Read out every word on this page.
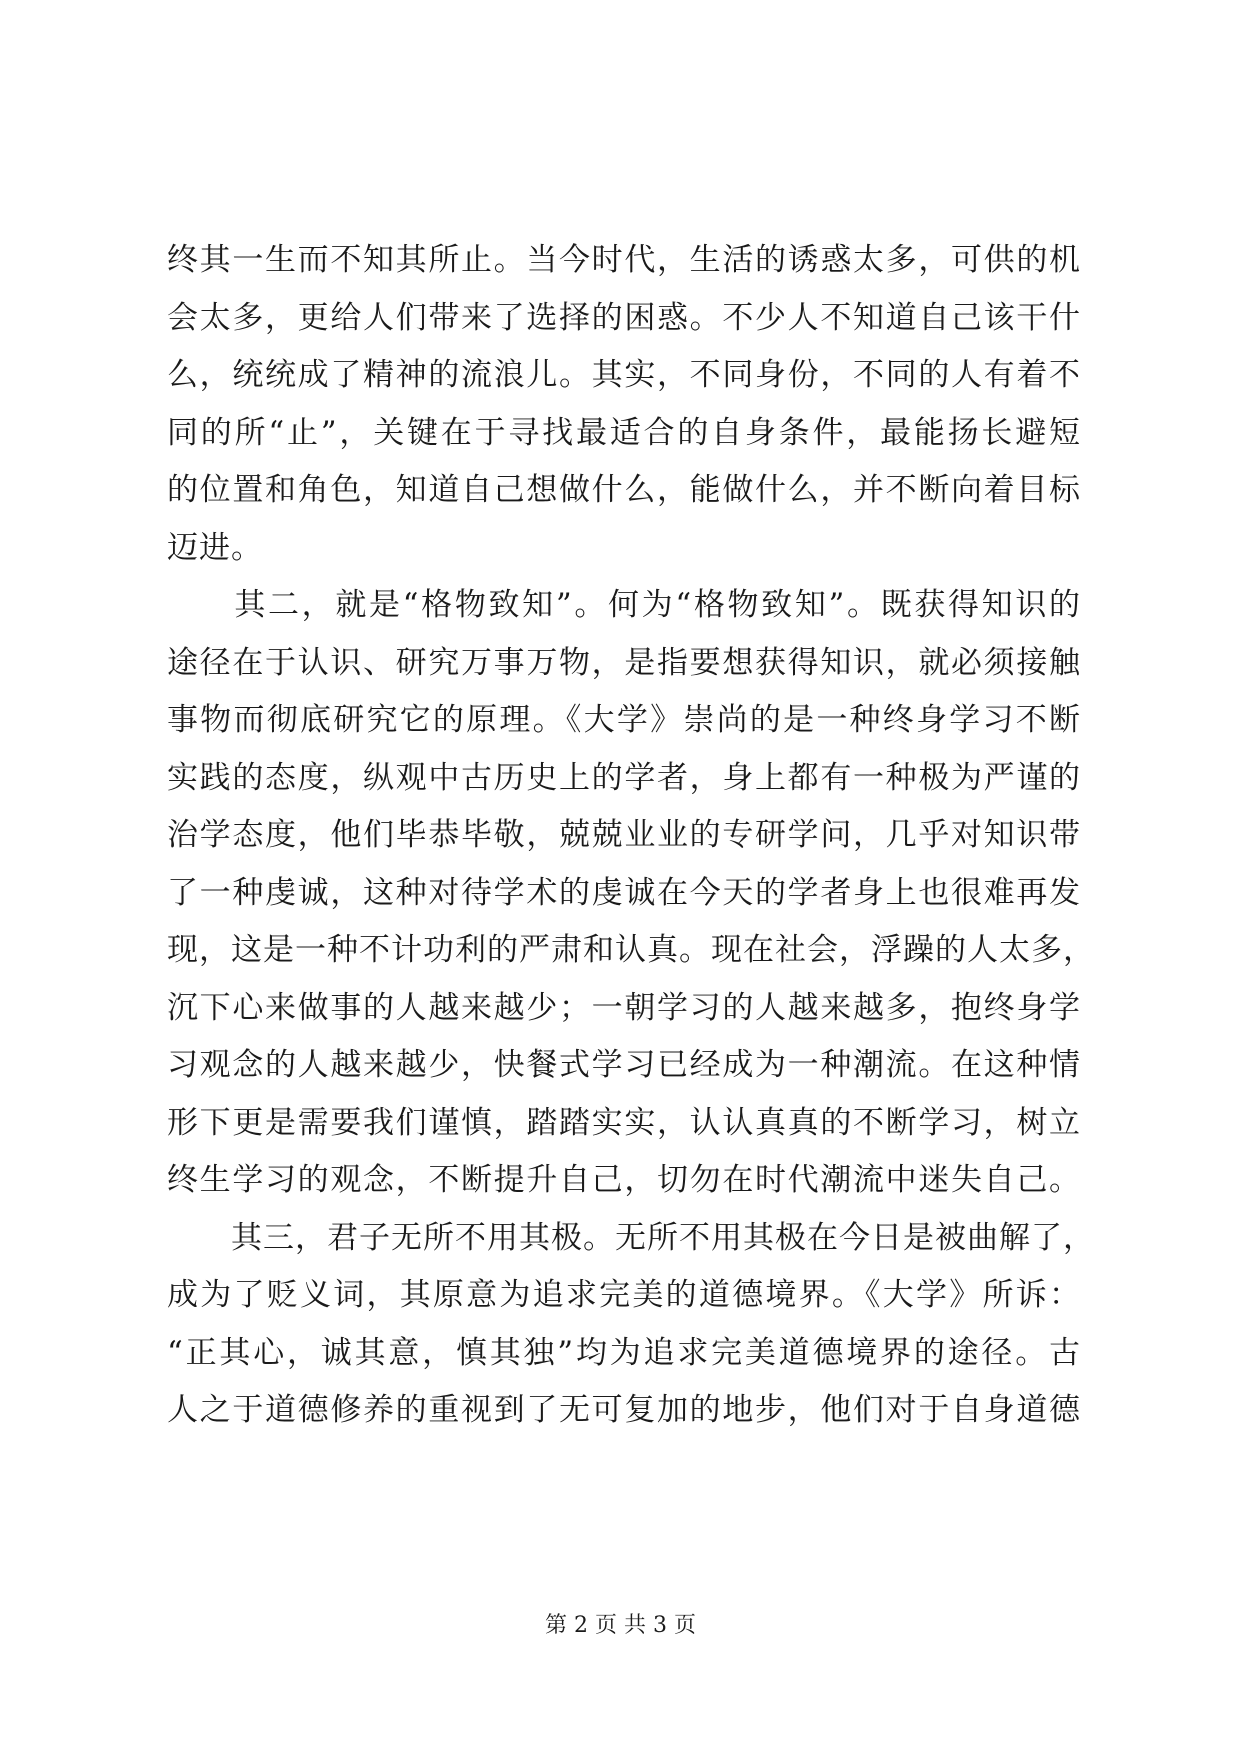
终其一生而不知其所止。当今时代，生活的诱惑太多，可供的机
会太多，更给人们带来了选择的困惑。不少人不知道自己该干什
么，统统成了精神的流浪儿。其实，不同身份，不同的人有着不
同的所“止”，关键在于寻找最适合的自身条件，最能扬长避短
的位置和角色，知道自己想做什么，能做什么，并不断向着目标
迈进。
　　其二，就是“格物致知”。何为“格物致知”。既获得知识的
途径在于认识、研究万事万物，是指要想获得知识，就必须接触
事物而彻底研究它的原理。《大学》崇尚的是一种终身学习不断
实践的态度，纵观中古历史上的学者，身上都有一种极为严谨的
治学态度，他们毕恭毕敬，兢兢业业的专研学问，几乎对知识带
了一种虔诚，这种对待学术的虔诚在今天的学者身上也很难再发
现，这是一种不计功利的严肃和认真。现在社会，浮躁的人太多，
沉下心来做事的人越来越少；一朝学习的人越来越多，抱终身学
习观念的人越来越少，快餐式学习已经成为一种潮流。在这种情
形下更是需要我们谨慎，踏踏实实，认认真真的不断学习，树立
终生学习的观念，不断提升自己，切勿在时代潮流中迷失自己。
　　其三，君子无所不用其极。无所不用其极在今日是被曲解了，
成为了贬义词，其原意为追求完美的道德境界。《大学》所诉：
“正其心，诚其意，慎其独”均为追求完美道德境界的途径。古
人之于道德修养的重视到了无可复加的地步，他们对于自身道德
第 2 页 共 3 页
